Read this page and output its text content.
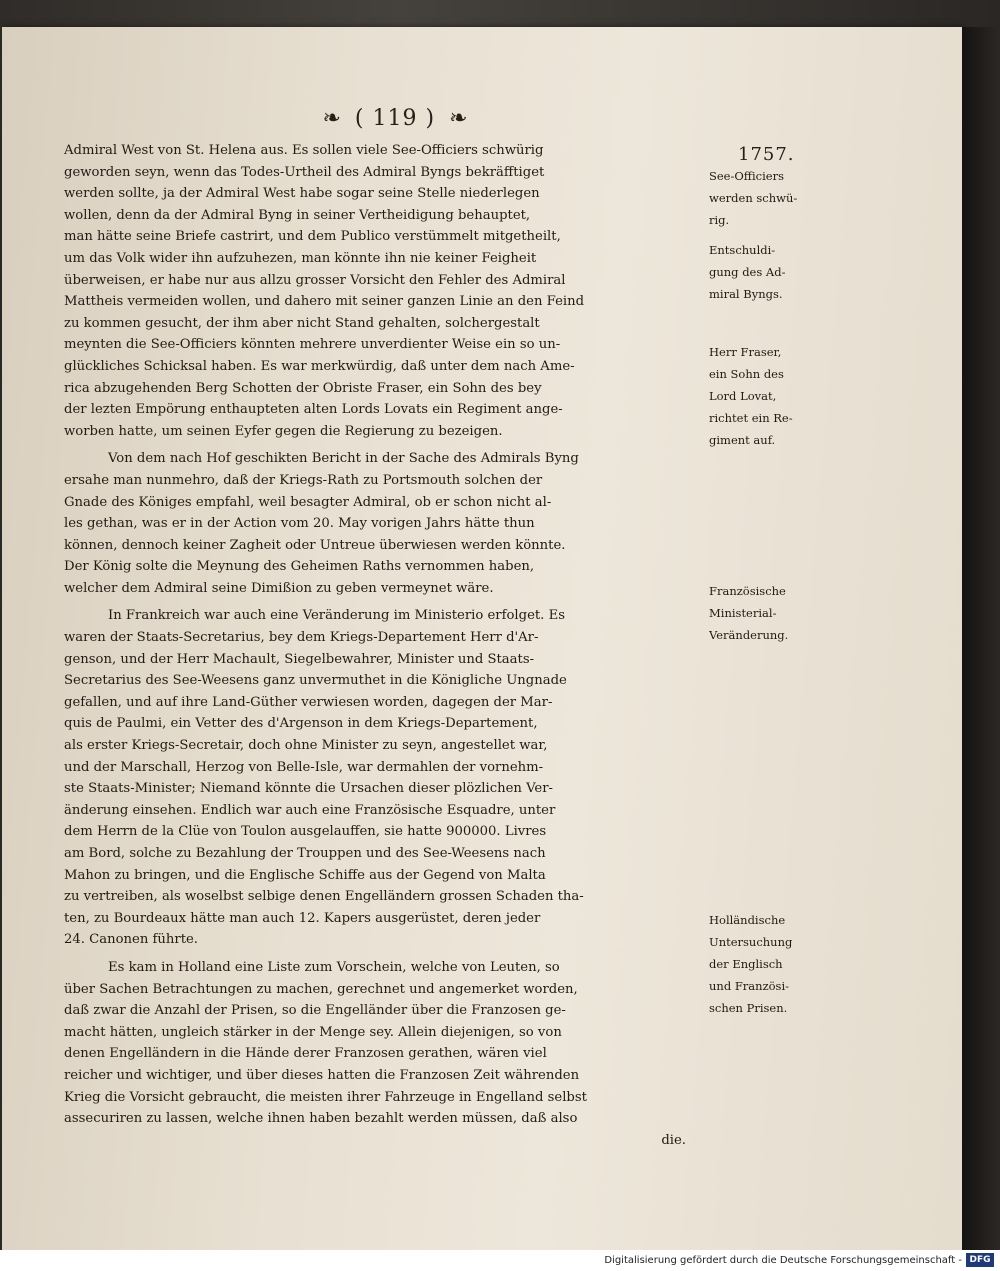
❧ ( 119 ) ❧
1757.
Admiral West von St. Helena aus. Es sollen viele See-Officiers schwürig
geworden seyn, wenn das Todes-Urtheil des Admiral Byngs bekräfftiget
werden sollte, ja der Admiral West habe sogar seine Stelle niederlegen
wollen, denn da der Admiral Byng in seiner Vertheidigung behauptet,
man hätte seine Briefe castrirt, und dem Publico verstümmelt mitgetheilt,
um das Volk wider ihn aufzuhezen, man könnte ihn nie keiner Feigheit
überweisen, er habe nur aus allzu grosser Vorsicht den Fehler des Admiral
Mattheis vermeiden wollen, und dahero mit seiner ganzen Linie an den Feind
zu kommen gesucht, der ihm aber nicht Stand gehalten, solchergestalt
meynten die See-Officiers könnten mehrere unverdienter Weise ein so un-
glückliches Schicksal haben. Es war merkwürdig, daß unter dem nach Ame-
rica abzugehenden Berg Schotten der Obriste Fraser, ein Sohn des bey
der lezten Empörung enthaupteten alten Lords Lovats ein Regiment ange-
worben hatte, um seinen Eyfer gegen die Regierung zu bezeigen.
Von dem nach Hof geschikten Bericht in der Sache des Admirals Byng
ersahe man nunmehro, daß der Kriegs-Rath zu Portsmouth solchen der
Gnade des Königes empfahl, weil besagter Admiral, ob er schon nicht al-
les gethan, was er in der Action vom 20. May vorigen Jahrs hätte thun
können, dennoch keiner Zagheit oder Untreue überwiesen werden könnte.
Der König solte die Meynung des Geheimen Raths vernommen haben,
welcher dem Admiral seine Dimißion zu geben vermeynet wäre.
In Frankreich war auch eine Veränderung im Ministerio erfolget. Es
waren der Staats-Secretarius, bey dem Kriegs-Departement Herr d'Ar-
genson, und der Herr Machault, Siegelbewahrer, Minister und Staats-
Secretarius des See-Weesens ganz unvermuthet in die Königliche Ungnade
gefallen, und auf ihre Land-Güther verwiesen worden, dagegen der Mar-
quis de Paulmi, ein Vetter des d'Argenson in dem Kriegs-Departement,
als erster Kriegs-Secretair, doch ohne Minister zu seyn, angestellet war,
und der Marschall, Herzog von Belle-Isle, war dermahlen der vornehm-
ste Staats-Minister; Niemand könnte die Ursachen dieser plözlichen Ver-
änderung einsehen. Endlich war auch eine Französische Esquadre, unter
dem Herrn de la Clüe von Toulon ausgelauffen, sie hatte 900000. Livres
am Bord, solche zu Bezahlung der Trouppen und des See-Weesens nach
Mahon zu bringen, und die Englische Schiffe aus der Gegend von Malta
zu vertreiben, als woselbst selbige denen Engelländern grossen Schaden tha-
ten, zu Bourdeaux hätte man auch 12. Kapers ausgerüstet, deren jeder
24. Canonen führte.
Es kam in Holland eine Liste zum Vorschein, welche von Leuten, so
über Sachen Betrachtungen zu machen, gerechnet und angemerket worden,
daß zwar die Anzahl der Prisen, so die Engelländer über die Franzosen ge-
macht hätten, ungleich stärker in der Menge sey. Allein diejenigen, so von
denen Engelländern in die Hände derer Franzosen gerathen, wären viel
reicher und wichtiger, und über dieses hatten die Franzosen Zeit währenden
Krieg die Vorsicht gebraucht, die meisten ihrer Fahrzeuge in Engelland selbst
assecuriren zu lassen, welche ihnen haben bezahlt werden müssen, daß also
die.
See-Officiers
werden schwü-
rig.
Entschuldi-
gung des Ad-
miral Byngs.
Herr Fraser,
ein Sohn des
Lord Lovat,
richtet ein Re-
giment auf.
Französische
Ministerial-
Veränderung.
Holländische
Untersuchung
der Englisch
und Französi-
schen Prisen.
Digitalisierung gefördert durch die Deutsche Forschungsgemeinschaft - DFG
